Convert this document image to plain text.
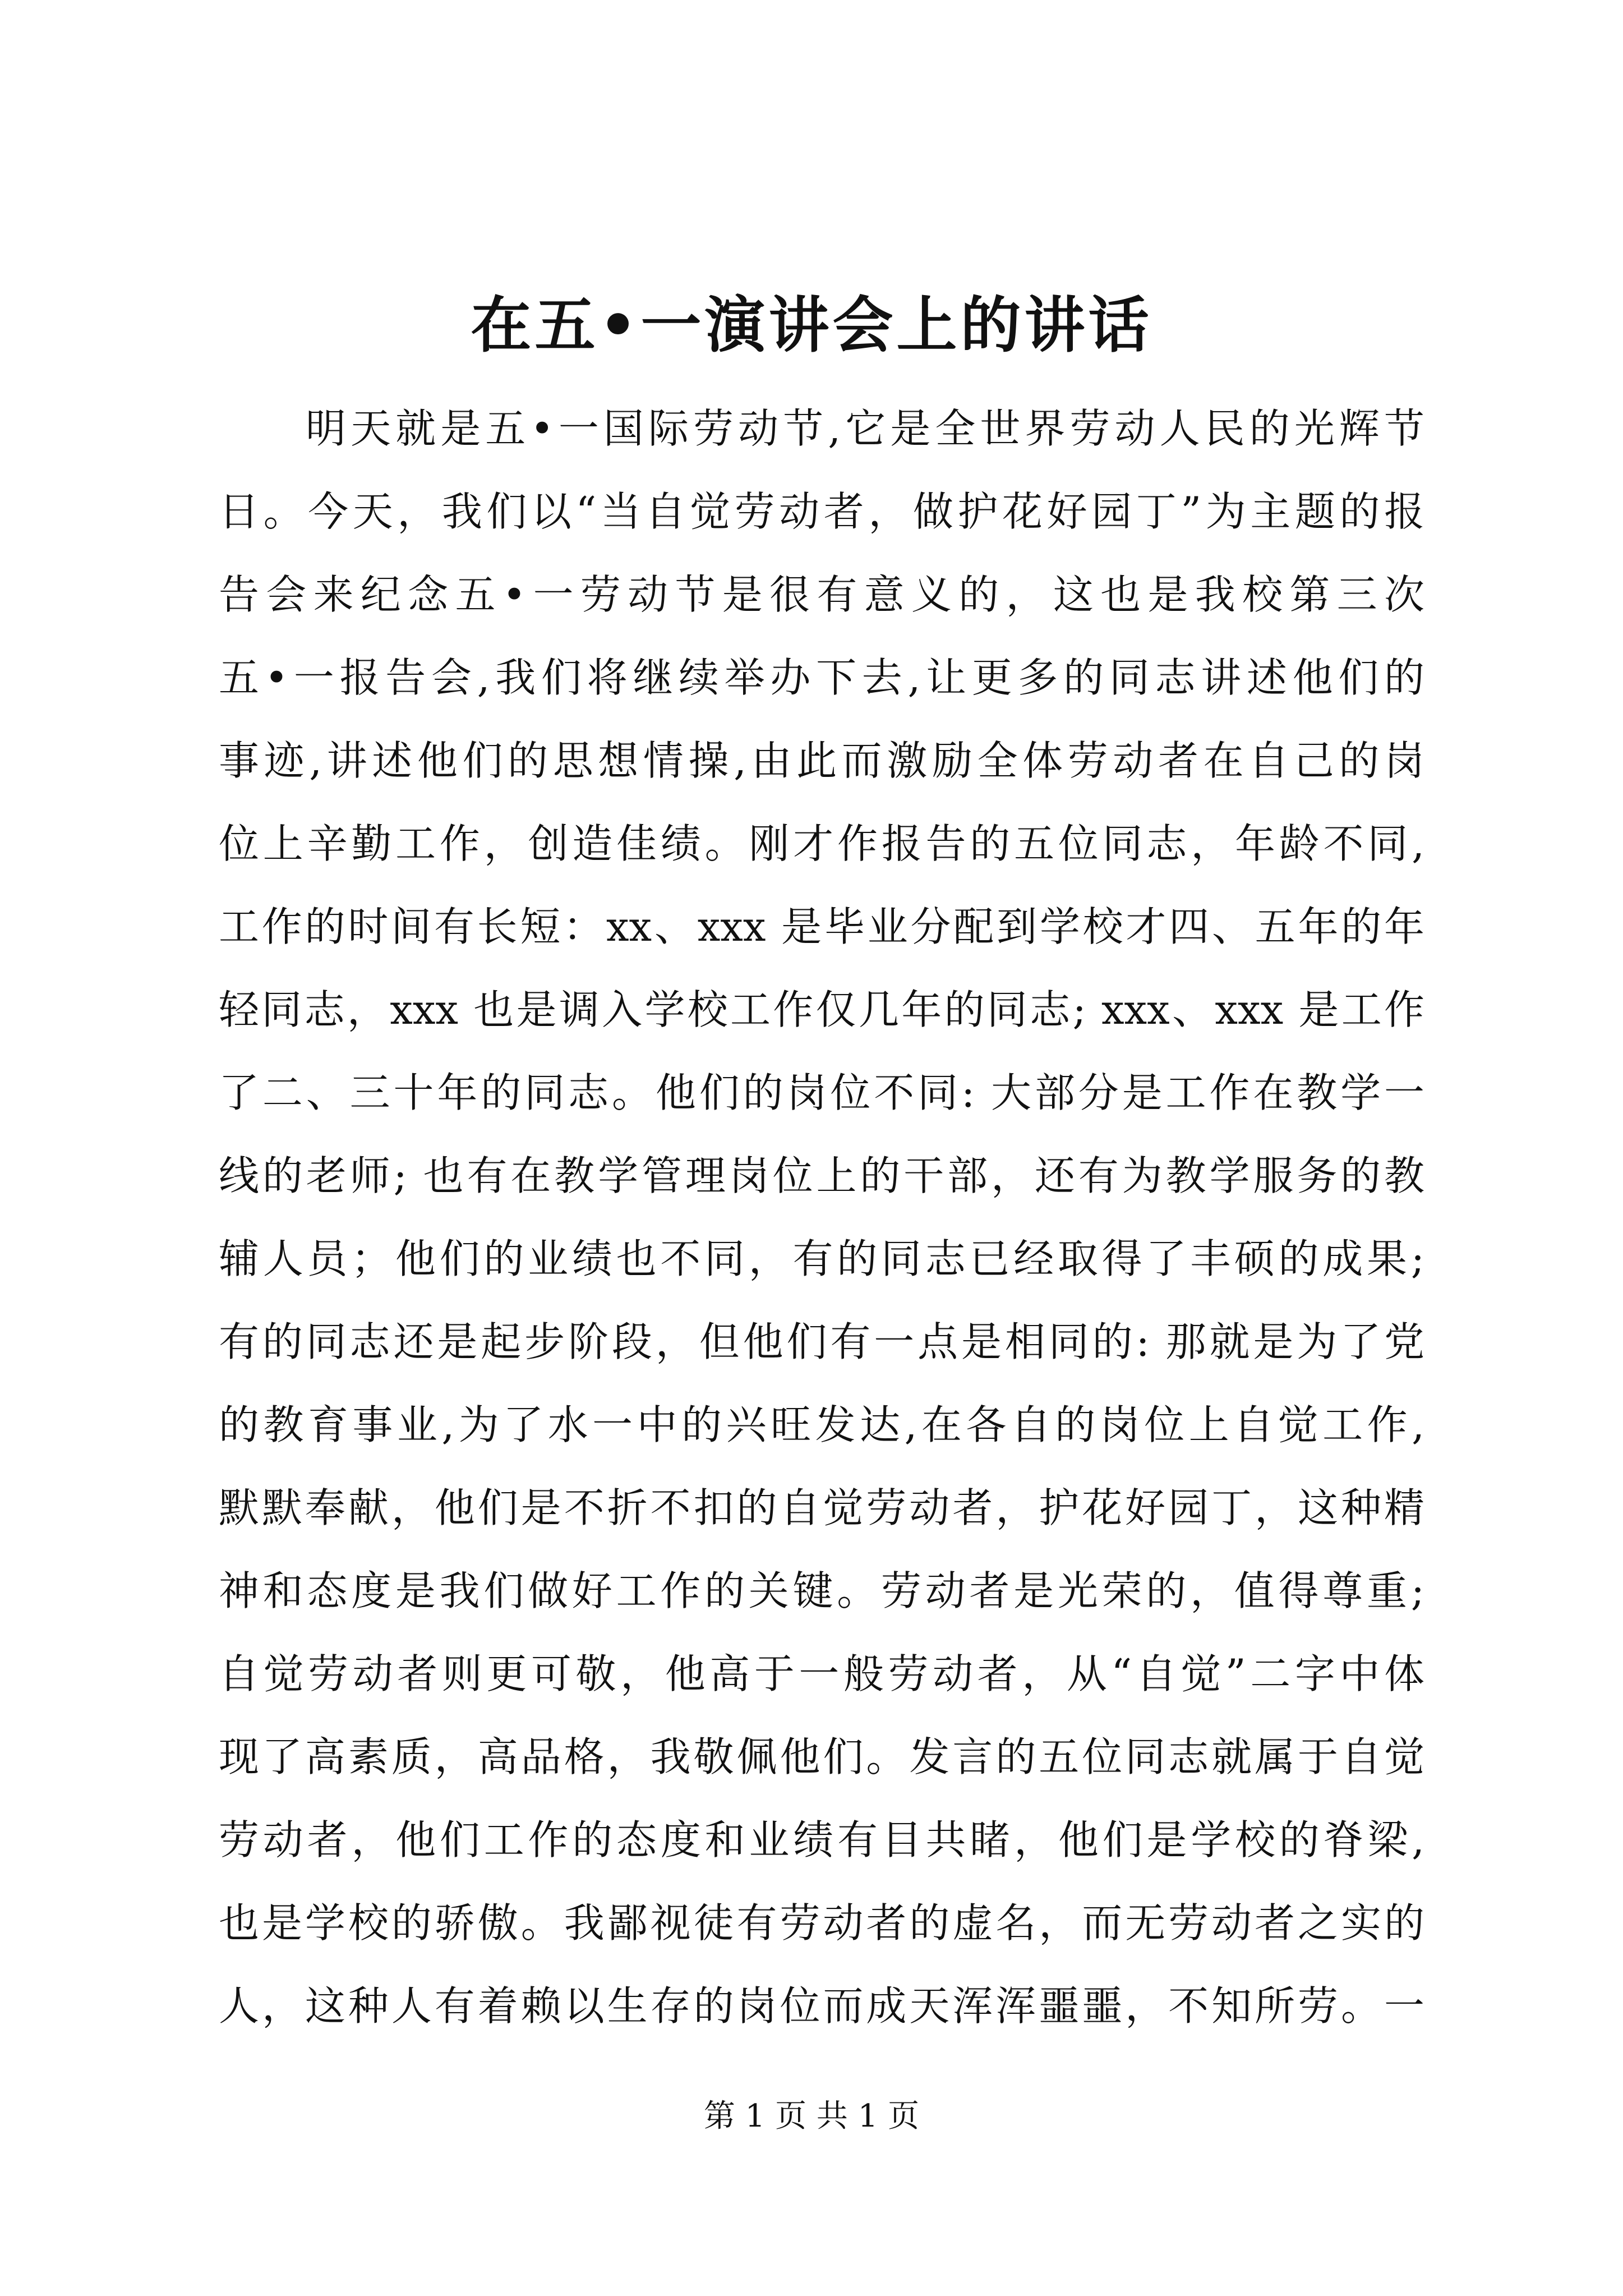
在五•一演讲会上的讲话
明天就是五•一国际劳动节,它是全世界劳动人民的光辉节
日。今天，我们以“当自觉劳动者，做护花好园丁”为主题的报
告会来纪念五•一劳动节是很有意义的，这也是我校第三次
五•一报告会,我们将继续举办下去,让更多的同志讲述他们的
事迹,讲述他们的思想情操,由此而激励全体劳动者在自己的岗
位上辛勤工作，创造佳绩。刚才作报告的五位同志，年龄不同,
工作的时间有长短：xx、xxx 是毕业分配到学校才四、五年的年
轻同志，xxx 也是调入学校工作仅几年的同志; xxx、xxx 是工作
了二、三十年的同志。他们的岗位不同: 大部分是工作在教学一
线的老师; 也有在教学管理岗位上的干部，还有为教学服务的教
辅人员；他们的业绩也不同，有的同志已经取得了丰硕的成果;
有的同志还是起步阶段，但他们有一点是相同的: 那就是为了党
的教育事业,为了水一中的兴旺发达,在各自的岗位上自觉工作,
默默奉献，他们是不折不扣的自觉劳动者，护花好园丁，这种精
神和态度是我们做好工作的关键。劳动者是光荣的，值得尊重;
自觉劳动者则更可敬，他高于一般劳动者，从“自觉”二字中体
现了高素质，高品格，我敬佩他们。发言的五位同志就属于自觉
劳动者，他们工作的态度和业绩有目共睹，他们是学校的脊梁,
也是学校的骄傲。我鄙视徒有劳动者的虚名，而无劳动者之实的
人，这种人有着赖以生存的岗位而成天浑浑噩噩，不知所劳。一
第 1 页 共 1 页
